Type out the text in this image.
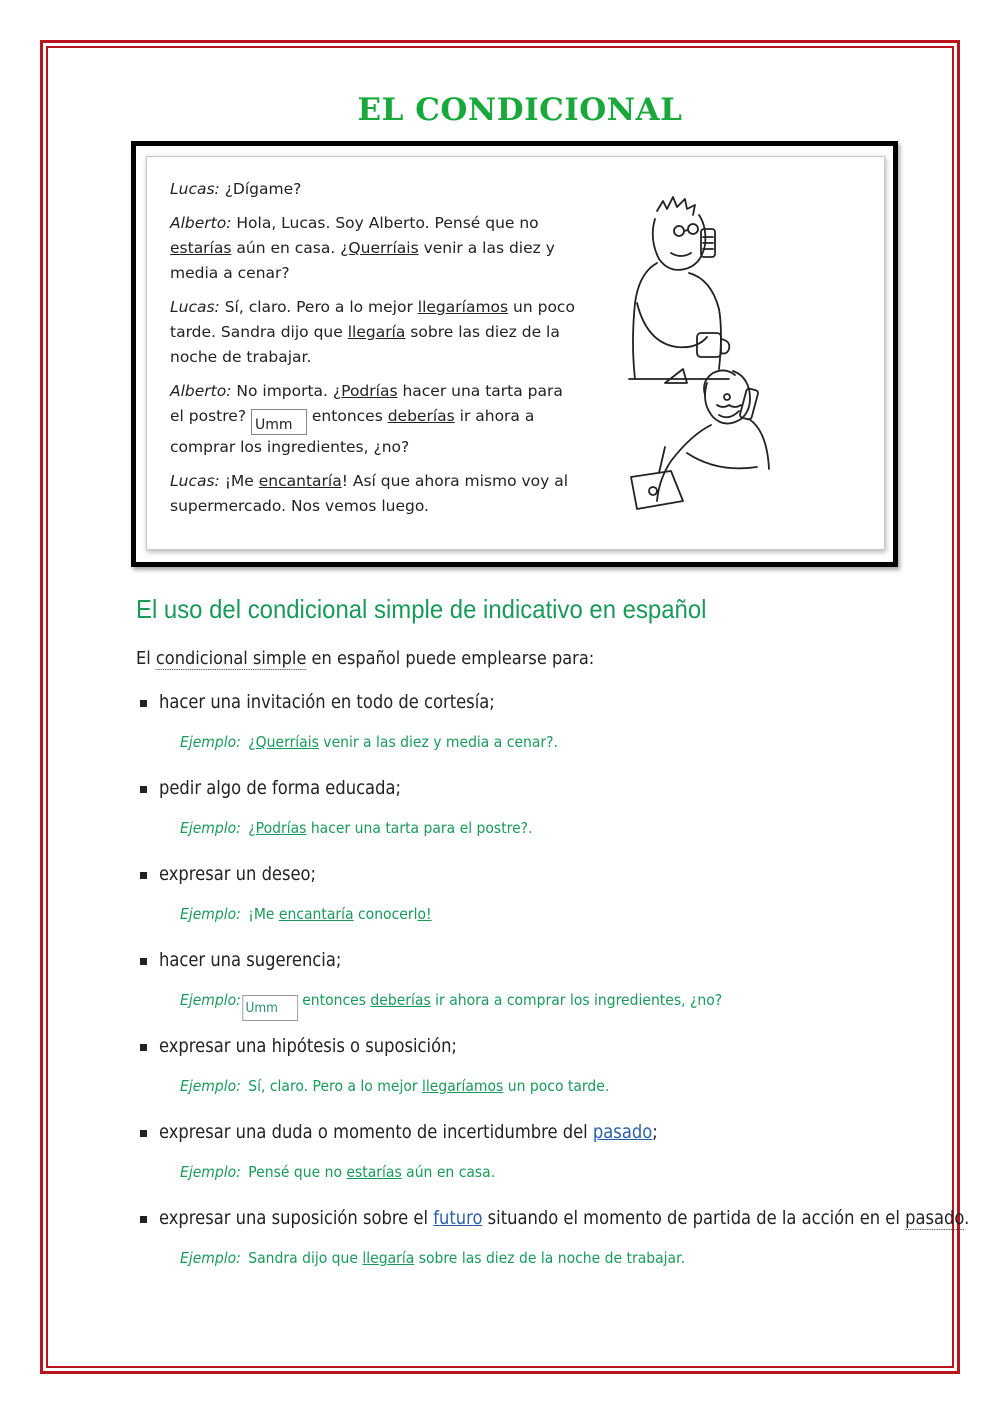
EL CONDICIONAL

Lucas: ¿Dígame?

Alberto: Hola, Lucas. Soy Alberto. Pensé que no estarías aún en casa. ¿Querríais venir a las diez y media a cenar?

Lucas: Sí, claro. Pero a lo mejor llegaríamos un poco tarde. Sandra dijo que llegaría sobre las diez de la noche de trabajar.

Alberto: No importa. ¿Podrías hacer una tarta para el postre? Umm entonces deberías ir ahora a comprar los ingredientes, ¿no?

Lucas: ¡Me encantaría! Así que ahora mismo voy al supermercado. Nos vemos luego.

El uso del condicional simple de indicativo en español

El condicional simple en español puede emplearse para:

hacer una invitación en todo de cortesía;
Ejemplo: ¿Querríais venir a las diez y media a cenar?.
pedir algo de forma educada;
Ejemplo: ¿Podrías hacer una tarta para el postre?.
expresar un deseo;
Ejemplo: ¡Me encantaría conocerlo!
hacer una sugerencia;
Ejemplo: Umm entonces deberías ir ahora a comprar los ingredientes, ¿no?
expresar una hipótesis o suposición;
Ejemplo: Sí, claro. Pero a lo mejor llegaríamos un poco tarde.
expresar una duda o momento de incertidumbre del pasado;
Ejemplo: Pensé que no estarías aún en casa.
expresar una suposición sobre el futuro situando el momento de partida de la acción en el pasado.
Ejemplo: Sandra dijo que llegaría sobre las diez de la noche de trabajar.
